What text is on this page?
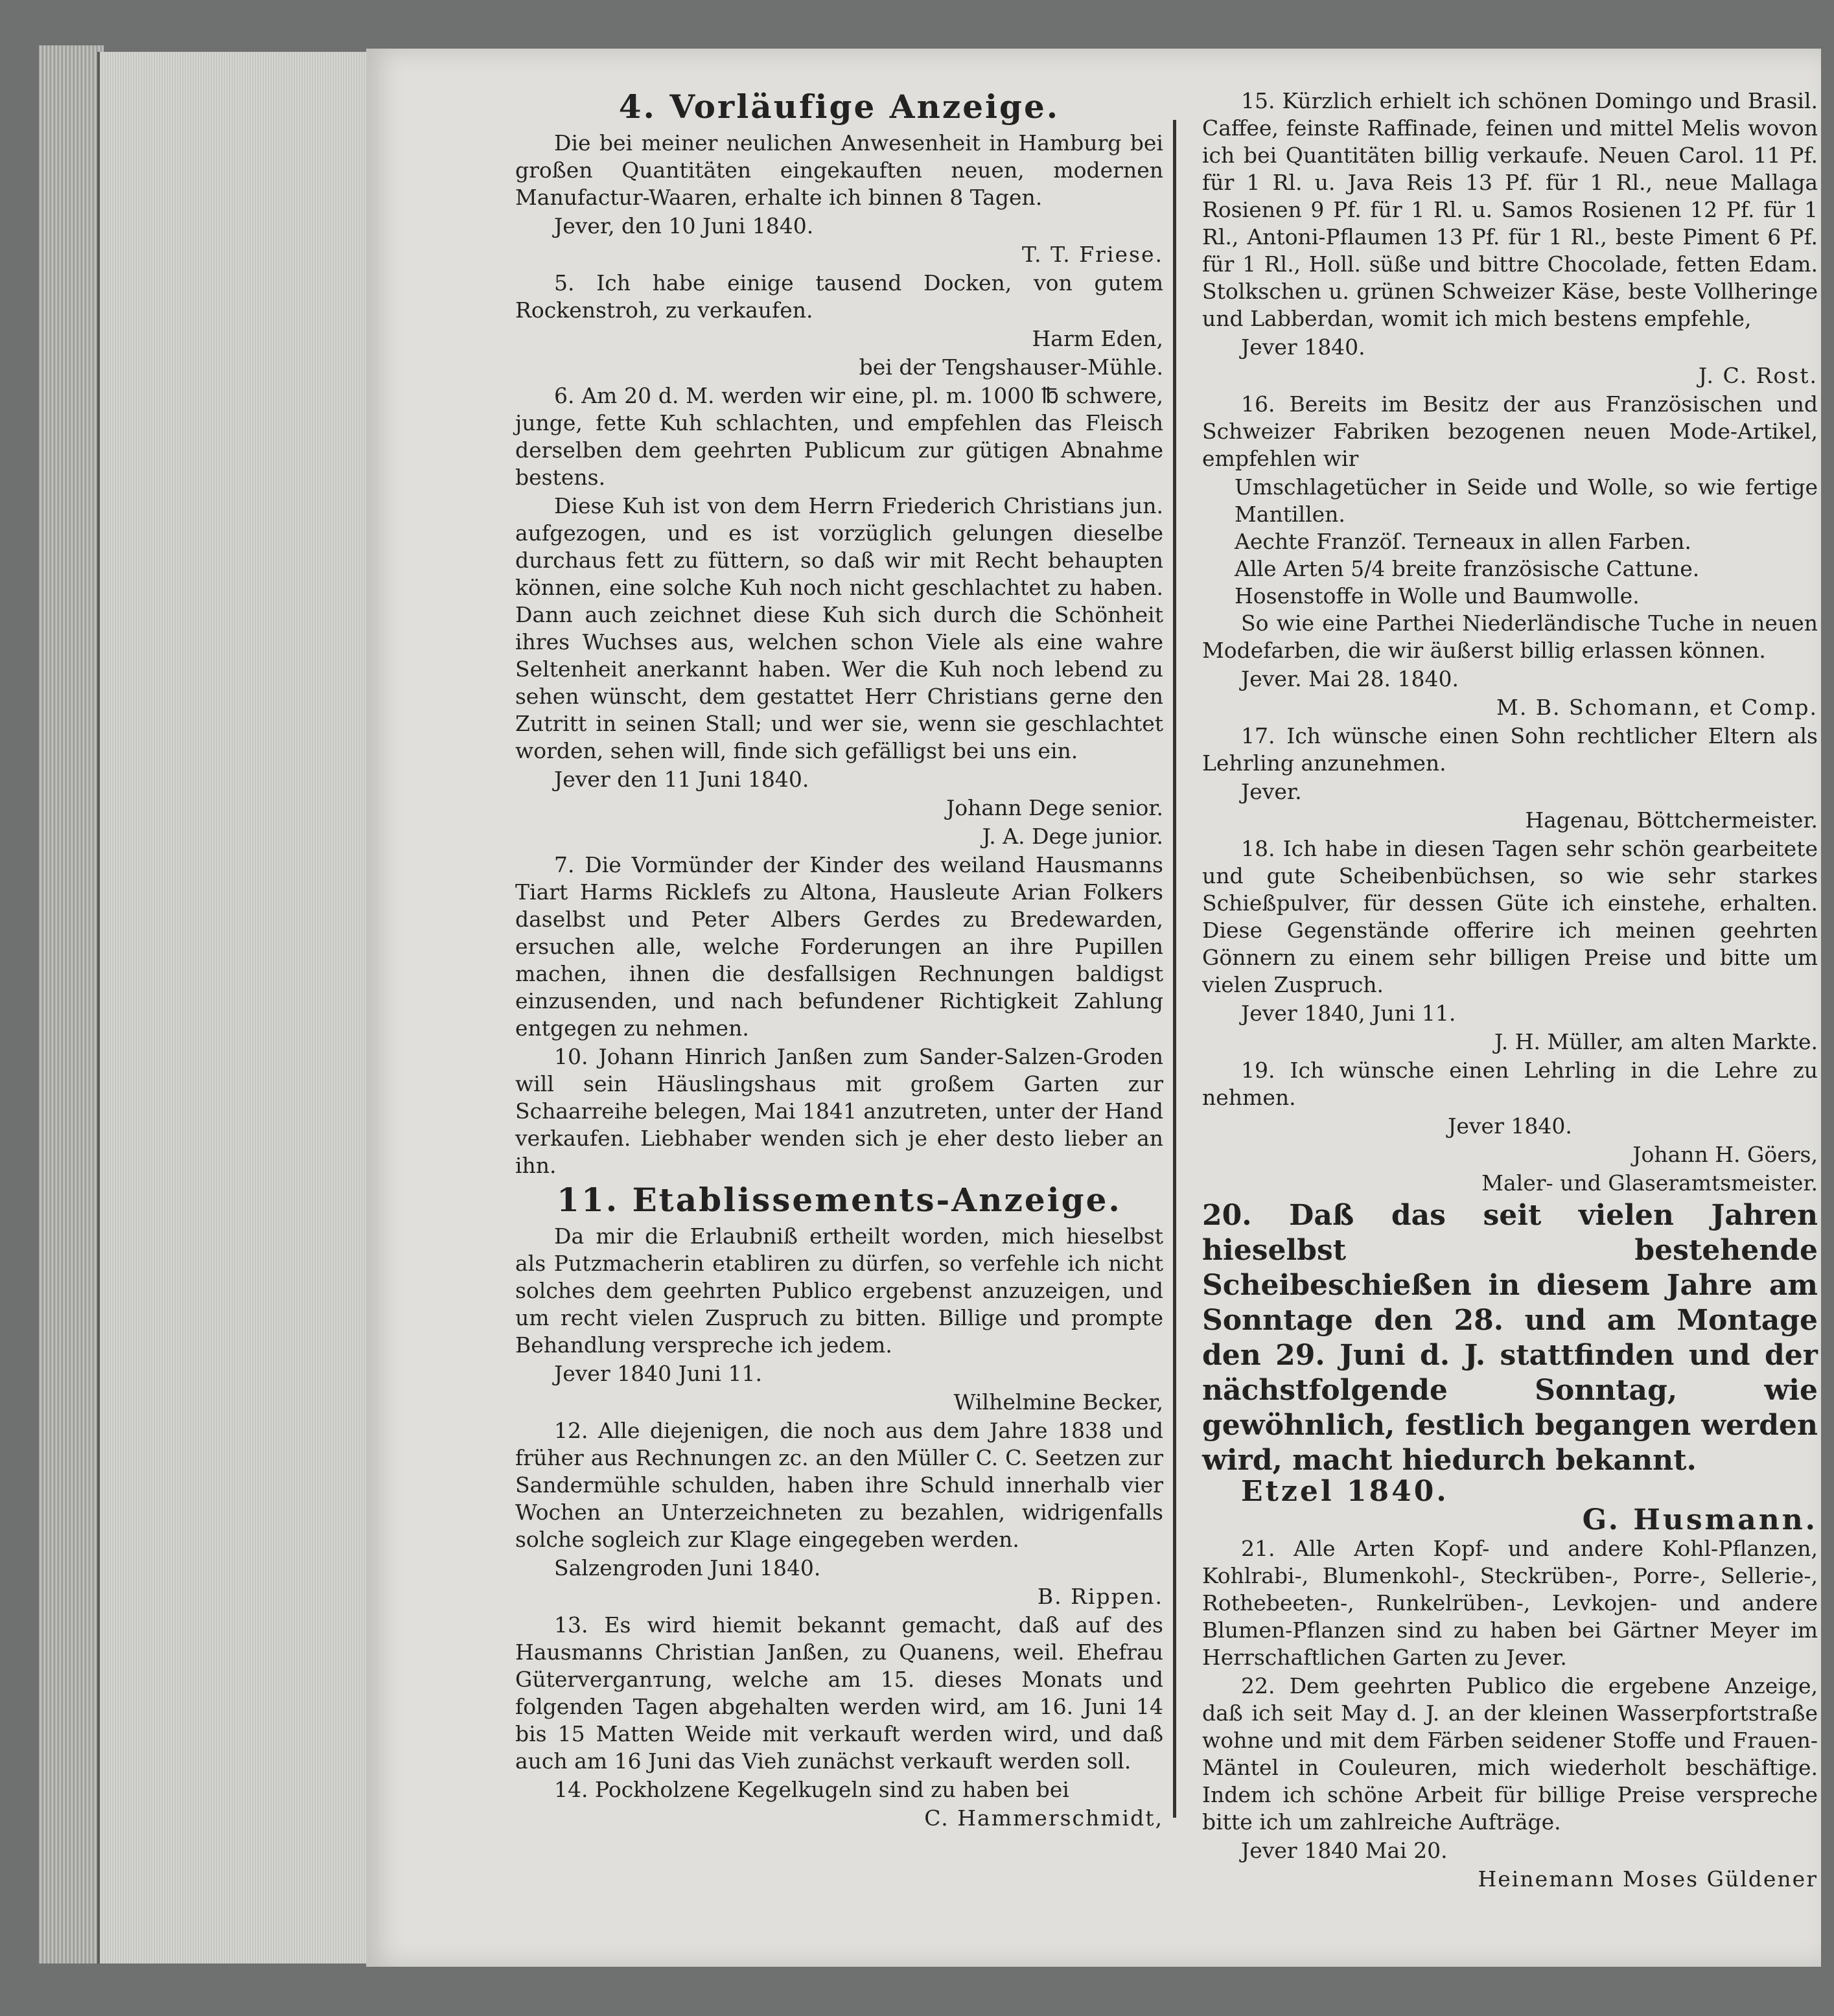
4. Vorläufige Anzeige.
Die bei meiner neulichen Anwesenheit in Hamburg bei großen Quantitäten eingekauften neuen, modernen Manufactur-Waaren, erhalte ich binnen 8 Tagen.
Jever, den 10 Juni 1840.
T. T. Friese.
5. Ich habe einige tausend Docken, von gutem Rockenstroh, zu verkaufen.
Harm Eden,
bei der Tengshauser-Mühle.
6. Am 20 d. M. werden wir eine, pl. m. 1000 ℔ schwere, junge, fette Kuh schlachten, und empfehlen das Fleisch derselben dem geehrten Publicum zur gütigen Abnahme bestens.
Diese Kuh ist von dem Herrn Friederich Christians jun. aufgezogen, und es ist vorzüglich gelungen dieselbe durchaus fett zu füttern, so daß wir mit Recht behaupten können, eine solche Kuh noch nicht geschlachtet zu haben. Dann auch zeichnet diese Kuh sich durch die Schönheit ihres Wuchses aus, welchen schon Viele als eine wahre Seltenheit anerkannt haben. Wer die Kuh noch lebend zu sehen wünscht, dem gestattet Herr Christians gerne den Zutritt in seinen Stall; und wer sie, wenn sie geschlachtet worden, sehen will, finde sich gefälligst bei uns ein.
Jever den 11 Juni 1840.
Johann Dege senior.
J. A. Dege junior.
7. Die Vormünder der Kinder des weiland Hausmanns Tiart Harms Ricklefs zu Altona, Hausleute Arian Folkers daselbst und Peter Albers Gerdes zu Bredewarden, ersuchen alle, welche Forderungen an ihre Pupillen machen, ihnen die desfallsigen Rechnungen baldigst einzusenden, und nach befundener Richtigkeit Zahlung entgegen zu nehmen.
10. Johann Hinrich Janßen zum Sander-Salzen-Groden will sein Häuslingshaus mit großem Garten zur Schaarreihe belegen, Mai 1841 anzutreten, unter der Hand verkaufen. Liebhaber wenden sich je eher desto lieber an ihn.
11. Etablissements-Anzeige.
Da mir die Erlaubniß ertheilt worden, mich hieselbst als Putzmacherin etabliren zu dürfen, so verfehle ich nicht solches dem geehrten Publico ergebenst anzuzeigen, und um recht vielen Zuspruch zu bitten. Billige und prompte Behandlung verspreche ich jedem.
Jever 1840 Juni 11.
Wilhelmine Becker,
12. Alle diejenigen, die noch aus dem Jahre 1838 und früher aus Rechnungen zc. an den Müller C. C. Seetzen zur Sandermühle schulden, haben ihre Schuld innerhalb vier Wochen an Unterzeichneten zu bezahlen, widrigenfalls solche sogleich zur Klage eingegeben werden.
Salzengroden Juni 1840.
B. Rippen.
13. Es wird hiemit bekannt gemacht, daß auf des Hausmanns Christian Janßen, zu Quanens, weil. Ehefrau Güterverganтung, welche am 15. dieses Monats und folgenden Tagen abgehalten werden wird, am 16. Juni 14 bis 15 Matten Weide mit verkauft werden wird, und daß auch am 16 Juni das Vieh zunächst verkauft werden soll.
14. Pockholzene Kegelkugeln sind zu haben bei
C. Hammerschmidt,
15. Kürzlich erhielt ich schönen Domingo und Brasil. Caffee, feinste Raffinade, feinen und mittel Melis wovon ich bei Quantitäten billig verkaufe. Neuen Carol. 11 Pf. für 1 Rl. u. Java Reis 13 Pf. für 1 Rl., neue Mallaga Rosienen 9 Pf. für 1 Rl. u. Samos Rosienen 12 Pf. für 1 Rl., Antoni-Pflaumen 13 Pf. für 1 Rl., beste Piment 6 Pf. für 1 Rl., Holl. süße und bittre Chocolade, fetten Edam. Stolkschen u. grünen Schweizer Käse, beste Vollheringe und Labberdan, womit ich mich bestens empfehle,
Jever 1840.
J. C. Rost.
16. Bereits im Besitz der aus Französischen und Schweizer Fabriken bezogenen neuen Mode-Artikel, empfehlen wir
Umschlagetücher in Seide und Wolle, so wie fertige Mantillen.
Aechte Franzöſ. Terneaux in allen Farben.
Alle Arten 5/4 breite französische Cattune.
Hosenstoffe in Wolle und Baumwolle.
So wie eine Parthei Niederländische Tuche in neuen Modefarben, die wir äußerst billig erlassen können.
Jever. Mai 28. 1840.
M. B. Schomann, et Comp.
17. Ich wünsche einen Sohn rechtlicher Eltern als Lehrling anzunehmen.
Jever.
Hagenau, Böttchermeister.
18. Ich habe in diesen Tagen sehr schön gearbeitete und gute Scheibenbüchsen, so wie sehr starkes Schießpulver, für dessen Güte ich einstehe, erhalten. Diese Gegenstände offerire ich meinen geehrten Gönnern zu einem sehr billigen Preise und bitte um vielen Zuspruch.
Jever 1840, Juni 11.
J. H. Müller, am alten Markte.
19. Ich wünsche einen Lehrling in die Lehre zu nehmen.
Jever 1840.
Johann H. Göers,
Maler- und Glaseramtsmeister.
20. Daß das seit vielen Jahren hieselbst bestehende Scheibeschießen in diesem Jahre am Sonntage den 28. und am Montage den 29. Juni d. J. stattfinden und der nächstfolgende Sonntag, wie gewöhnlich, festlich begangen werden wird, macht hiedurch bekannt.
Etzel 1840.
G. Husmann.
21. Alle Arten Kopf- und andere Kohl-Pflanzen, Kohlrabi-, Blumenkohl-, Steckrüben-, Porre-, Sellerie-, Rothebeeten-, Runkelrüben-, Levkojen- und andere Blumen-Pflanzen sind zu haben bei Gärtner Meyer im Herrschaftlichen Garten zu Jever.
22. Dem geehrten Publico die ergebene Anzeige, daß ich seit May d. J. an der kleinen Wasserpfortstraße wohne und mit dem Färben seidener Stoffe und Frauen-Mäntel in Couleuren, mich wiederholt beschäftige. Indem ich schöne Arbeit für billige Preise verspreche bitte ich um zahlreiche Aufträge.
Jever 1840 Mai 20.
Heinemann Moses Güldener
